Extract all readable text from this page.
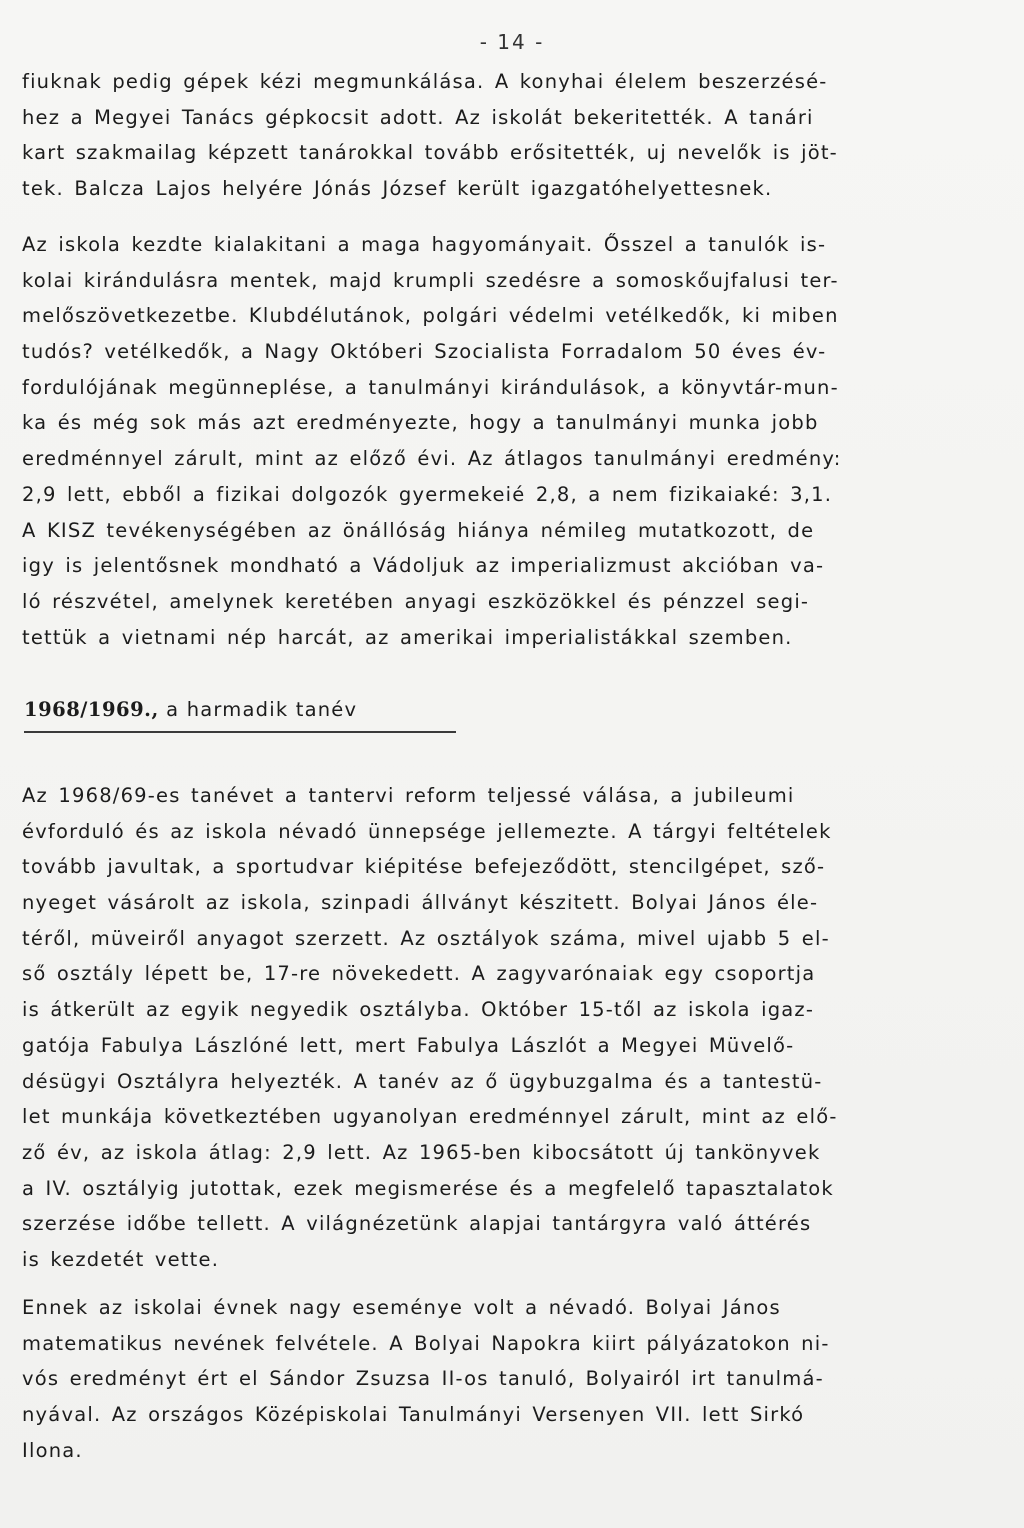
- 14 -
fiuknak pedig gépek kézi megmunkálása. A konyhai élelem beszerzésé-
hez a Megyei Tanács gépkocsit adott. Az iskolát bekeritették. A tanári
kart szakmailag képzett tanárokkal tovább erősitették, uj nevelők is jöt-
tek. Balcza Lajos helyére Jónás József került igazgatóhelyettesnek.
Az iskola kezdte kialakitani a maga hagyományait. Ősszel a tanulók is-
kolai kirándulásra mentek, majd krumpli szedésre a somoskőujfalusi ter-
melőszövetkezetbe. Klubdélutánok, polgári védelmi vetélkedők, ki miben
tudós? vetélkedők, a Nagy Októberi Szocialista Forradalom 50 éves év-
fordulójának megünneplése, a tanulmányi kirándulások, a könyvtár-mun-
ka és még sok más azt eredményezte, hogy a tanulmányi munka jobb
eredménnyel zárult, mint az előző évi. Az átlagos tanulmányi eredmény:
2,9 lett, ebből a fizikai dolgozók gyermekeié 2,8, a nem fizikaiaké: 3,1.
A KISZ tevékenységében az önállóság hiánya némileg mutatkozott, de
igy is jelentősnek mondható a Vádoljuk az imperializmust akcióban va-
ló részvétel, amelynek keretében anyagi eszközökkel és pénzzel segi-
tettük a vietnami nép harcát, az amerikai imperialistákkal szemben.
1968/1969., a harmadik tanév
Az 1968/69-es tanévet a tantervi reform teljessé válása, a jubileumi
évforduló és az iskola névadó ünnepsége jellemezte. A tárgyi feltételek
tovább javultak, a sportudvar kiépitése befejeződött, stencilgépet, sző-
nyeget vásárolt az iskola, szinpadi állványt készitett. Bolyai János éle-
téről, müveiről anyagot szerzett. Az osztályok száma, mivel ujabb 5 el-
ső osztály lépett be, 17-re növekedett. A zagyvarónaiak egy csoportja
is átkerült az egyik negyedik osztályba. Október 15-től az iskola igaz-
gatója Fabulya Lászlóné lett, mert Fabulya Lászlót a Megyei Müvelő-
désügyi Osztályra helyezték. A tanév az ő ügybuzgalma és a tantestü-
let munkája következtében ugyanolyan eredménnyel zárult, mint az elő-
ző év, az iskola átlag: 2,9 lett. Az 1965-ben kibocsátott új tankönyvek
a IV. osztályig jutottak, ezek megismerése és a megfelelő tapasztalatok
szerzése időbe tellett. A világnézetünk alapjai tantárgyra való áttérés
is kezdetét vette.
Ennek az iskolai évnek nagy eseménye volt a névadó. Bolyai János
matematikus nevének felvétele. A Bolyai Napokra kiirt pályázatokon ni-
vós eredményt ért el Sándor Zsuzsa II-os tanuló, Bolyairól irt tanulmá-
nyával. Az országos Középiskolai Tanulmányi Versenyen VII. lett Sirkó
Ilona.
